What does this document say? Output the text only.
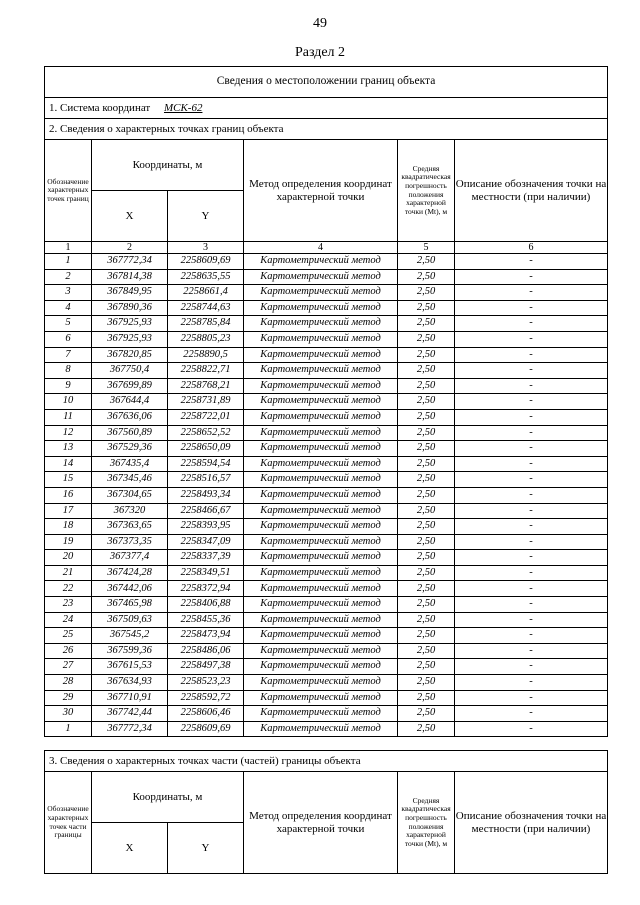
49
Раздел 2
Сведения о местоположении границ объекта					
1. Система координат МСК-62					
2. Сведения о характерных точках границ объекта					
Обозначение характерных точек границ	Координаты, м		Метод определения координат характерной точки	Средняя квадратическая погрешность положения характерной точки (Mt), м	Описание обозначения точки на местности (при наличии)
	X	Y			
1	2	3	4	5	6
1	367772,34	2258609,69	Картометрический метод	2,50	-
2	367814,38	2258635,55	Картометрический метод	2,50	-
3	367849,95	2258661,4	Картометрический метод	2,50	-
4	367890,36	2258744,63	Картометрический метод	2,50	-
5	367925,93	2258785,84	Картометрический метод	2,50	-
6	367925,93	2258805,23	Картометрический метод	2,50	-
7	367820,85	2258890,5	Картометрический метод	2,50	-
8	367750,4	2258822,71	Картометрический метод	2,50	-
9	367699,89	2258768,21	Картометрический метод	2,50	-
10	367644,4	2258731,89	Картометрический метод	2,50	-
11	367636,06	2258722,01	Картометрический метод	2,50	-
12	367560,89	2258652,52	Картометрический метод	2,50	-
13	367529,36	2258650,09	Картометрический метод	2,50	-
14	367435,4	2258594,54	Картометрический метод	2,50	-
15	367345,46	2258516,57	Картометрический метод	2,50	-
16	367304,65	2258493,34	Картометрический метод	2,50	-
17	367320	2258466,67	Картометрический метод	2,50	-
18	367363,65	2258393,95	Картометрический метод	2,50	-
19	367373,35	2258347,09	Картометрический метод	2,50	-
20	367377,4	2258337,39	Картометрический метод	2,50	-
21	367424,28	2258349,51	Картометрический метод	2,50	-
22	367442,06	2258372,94	Картометрический метод	2,50	-
23	367465,98	2258406,88	Картометрический метод	2,50	-
24	367509,63	2258455,36	Картометрический метод	2,50	-
25	367545,2	2258473,94	Картометрический метод	2,50	-
26	367599,36	2258486,06	Картометрический метод	2,50	-
27	367615,53	2258497,38	Картометрический метод	2,50	-
28	367634,93	2258523,23	Картометрический метод	2,50	-
29	367710,91	2258592,72	Картометрический метод	2,50	-
30	367742,44	2258606,46	Картометрический метод	2,50	-
1	367772,34	2258609,69	Картометрический метод	2,50	-
3. Сведения о характерных точках части (частей) границы объекта					
Обозначение характерных точек части границы	Координаты, м		Метод определения координат характерной точки	Средняя квадратическая погрешность положения характерной точки (Mt), м	Описание обозначения точки на местности (при наличии)
	X	Y			
